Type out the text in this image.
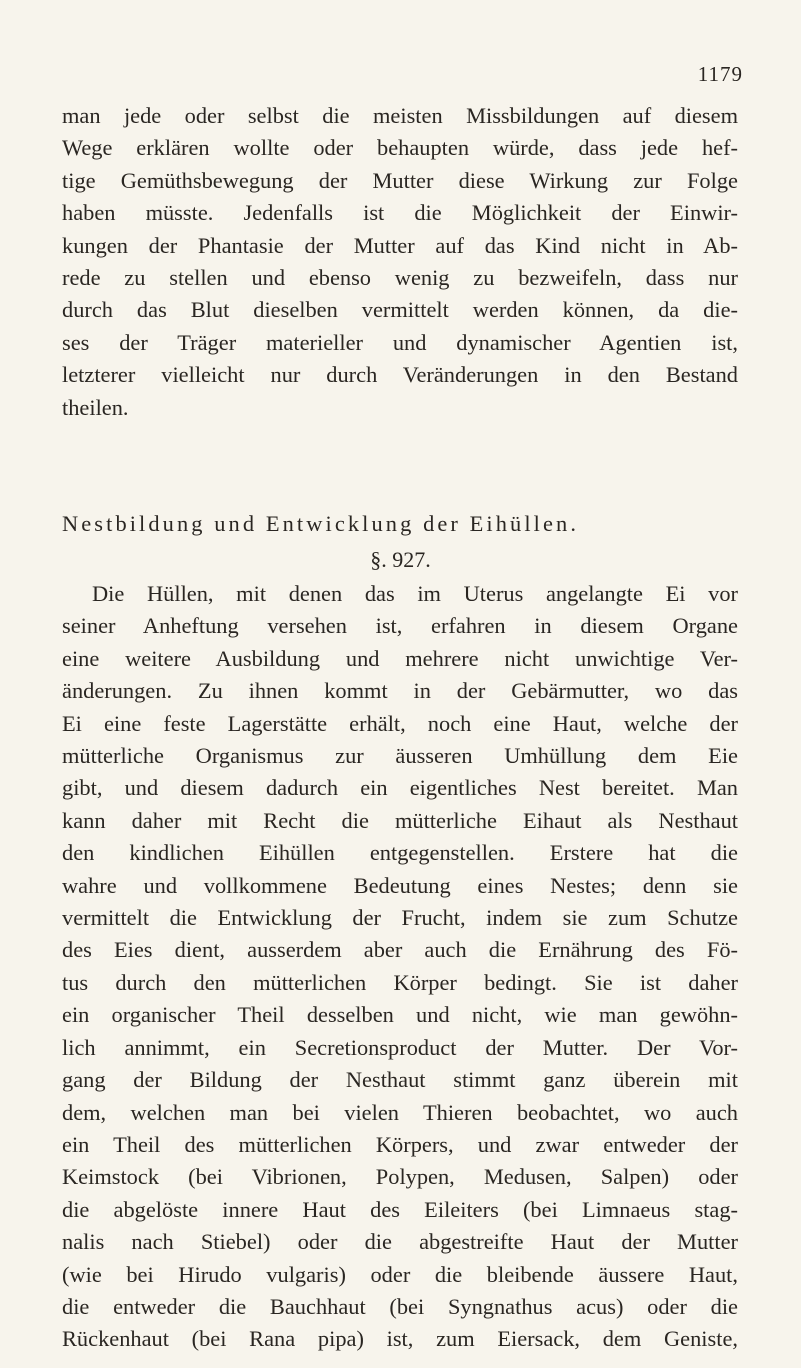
1179
man jede oder selbst die meisten Missbildungen auf diesem
Wege erklären wollte oder behaupten würde, dass jede hef-
tige Gemüthsbewegung der Mutter diese Wirkung zur Folge
haben müsste. Jedenfalls ist die Möglichkeit der Einwir-
kungen der Phantasie der Mutter auf das Kind nicht in Ab-
rede zu stellen und ebenso wenig zu bezweifeln, dass nur
durch das Blut dieselben vermittelt werden können, da die-
ses der Träger materieller und dynamischer Agentien ist,
letzterer vielleicht nur durch Veränderungen in den Bestand
theilen.
Nestbildung und Entwicklung der Eihüllen.
§. 927.
Die Hüllen, mit denen das im Uterus angelangte Ei vor
seiner Anheftung versehen ist, erfahren in diesem Organe
eine weitere Ausbildung und mehrere nicht unwichtige Ver-
änderungen. Zu ihnen kommt in der Gebärmutter, wo das
Ei eine feste Lagerstätte erhält, noch eine Haut, welche der
mütterliche Organismus zur äusseren Umhüllung dem Eie
gibt, und diesem dadurch ein eigentliches Nest bereitet. Man
kann daher mit Recht die mütterliche Eihaut als Nesthaut
den kindlichen Eihüllen entgegenstellen. Erstere hat die
wahre und vollkommene Bedeutung eines Nestes; denn sie
vermittelt die Entwicklung der Frucht, indem sie zum Schutze
des Eies dient, ausserdem aber auch die Ernährung des Fö-
tus durch den mütterlichen Körper bedingt. Sie ist daher
ein organischer Theil desselben und nicht, wie man gewöhn-
lich annimmt, ein Secretionsproduct der Mutter. Der Vor-
gang der Bildung der Nesthaut stimmt ganz überein mit
dem, welchen man bei vielen Thieren beobachtet, wo auch
ein Theil des mütterlichen Körpers, und zwar entweder der
Keimstock (bei Vibrionen, Polypen, Medusen, Salpen) oder
die abgelöste innere Haut des Eileiters (bei Limnaeus stag-
nalis nach Stiebel) oder die abgestreifte Haut der Mutter
(wie bei Hirudo vulgaris) oder die bleibende äussere Haut,
die entweder die Bauchhaut (bei Syngnathus acus) oder die
Rückenhaut (bei Rana pipa) ist, zum Eiersack, dem Geniste,
